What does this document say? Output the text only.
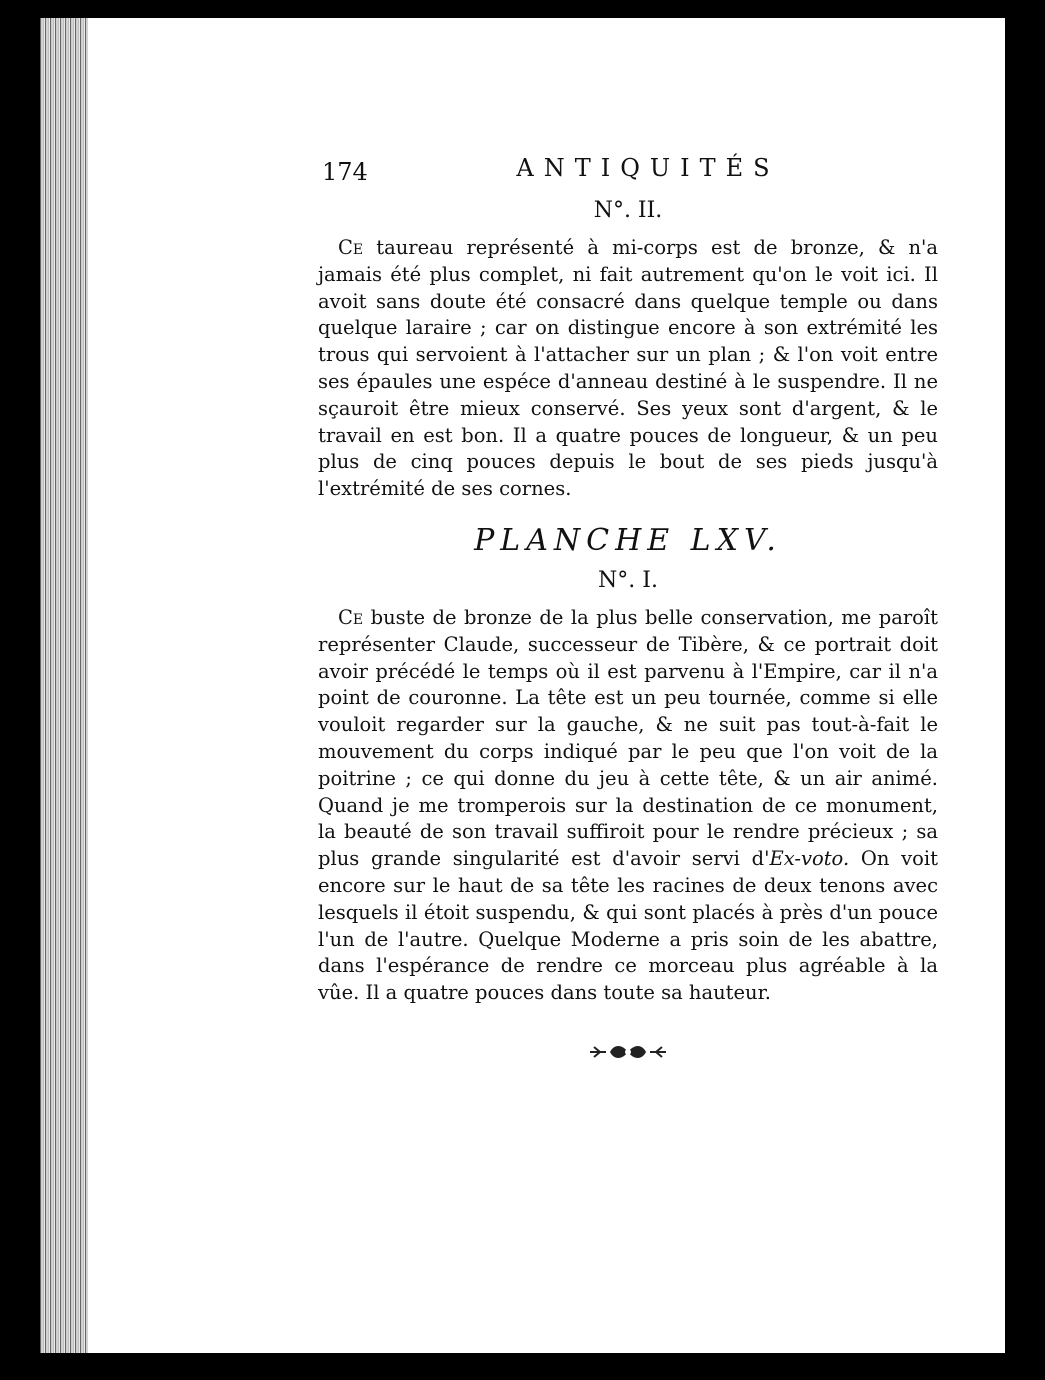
174	ANTIQUITÉS
N°. II.

Ce taureau représenté à mi-corps est de bronze, & n'a jamais été plus complet, ni fait autrement qu'on le voit ici. Il avoit sans doute été consacré dans quelque temple ou dans quelque laraire ; car on distingue encore à son extrémité les trous qui servoient à l'attacher sur un plan ; & l'on voit entre ses épaules une espéce d'anneau destiné à le suspendre. Il ne sçauroit être mieux conservé. Ses yeux sont d'argent, & le travail en est bon. Il a quatre pouces de longueur, & un peu plus de cinq pouces depuis le bout de ses pieds jusqu'à l'extrémité de ses cornes.

PLANCHE LXV.
N°. I.

Ce buste de bronze de la plus belle conservation, me paroît représenter Claude, successeur de Tibère, & ce portrait doit avoir précédé le temps où il est parvenu à l'Empire, car il n'a point de couronne. La tête est un peu tournée, comme si elle vouloit regarder sur la gauche, & ne suit pas tout-à-fait le mouvement du corps indiqué par le peu que l'on voit de la poitrine ; ce qui donne du jeu à cette tête, & un air animé. Quand je me tromperois sur la destination de ce monument, la beauté de son travail suffiroit pour le rendre précieux ; sa plus grande singularité est d'avoir servi d'Ex-voto. On voit encore sur le haut de sa tête les racines de deux tenons avec lesquels il étoit suspendu, & qui sont placés à près d'un pouce l'un de l'autre. Quelque Moderne a pris soin de les abattre, dans l'espérance de rendre ce morceau plus agréable à la vûe. Il a quatre pouces dans toute sa hauteur.
